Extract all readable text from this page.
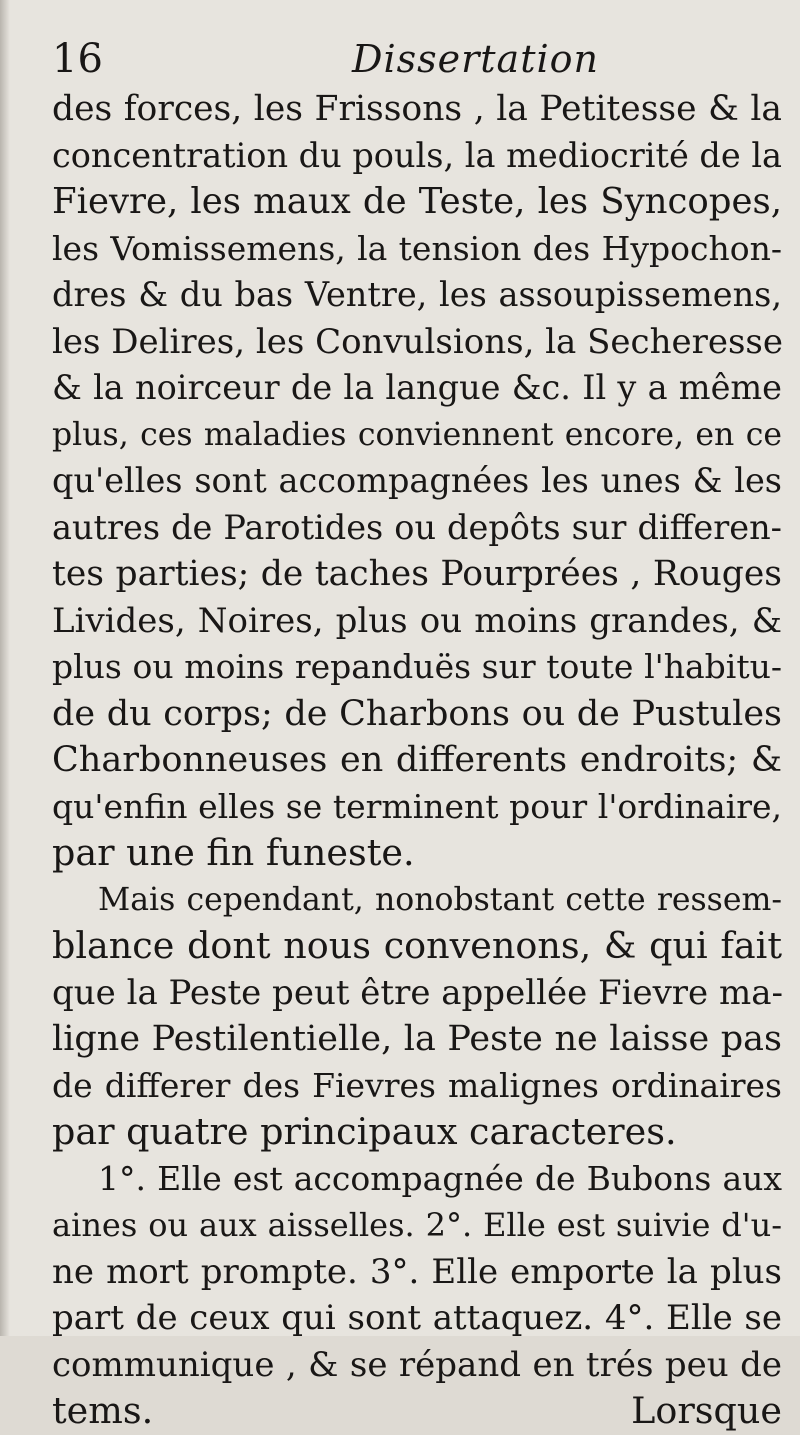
16	Dissertation
des forces, les Frissons , la Petitesse & la
concentration du pouls, la mediocrité de la
Fievre, les maux de Teste, les Syncopes,
les Vomissemens, la tension des Hypochon-
dres & du bas Ventre, les assoupissemens,
les Delires, les Convulsions, la Secheresse
& la noirceur de la langue &c. Il y a même
plus, ces maladies conviennent encore, en ce
qu'elles sont accompagnées les unes & les
autres de Parotides ou depôts sur differen-
tes parties; de taches Pourprées , Rouges
Livides, Noires, plus ou moins grandes, &
plus ou moins repanduës sur toute l'habitu-
de du corps; de Charbons ou de Pustules
Charbonneuses en differents endroits; &
qu'enfin elles se terminent pour l'ordinaire,
par une fin funeste.
Mais cependant, nonobstant cette ressem-
blance dont nous convenons, & qui fait
que la Peste peut être appellée Fievre ma-
ligne Pestilentielle, la Peste ne laisse pas
de differer des Fievres malignes ordinaires
par quatre principaux caracteres.
1°. Elle est accompagnée de Bubons aux
aines ou aux aisselles. 2°. Elle est suivie d'u-
ne mort prompte. 3°. Elle emporte la plus
part de ceux qui sont attaquez. 4°. Elle se
communique , & se répand en trés peu de
tems.	Lorsque
